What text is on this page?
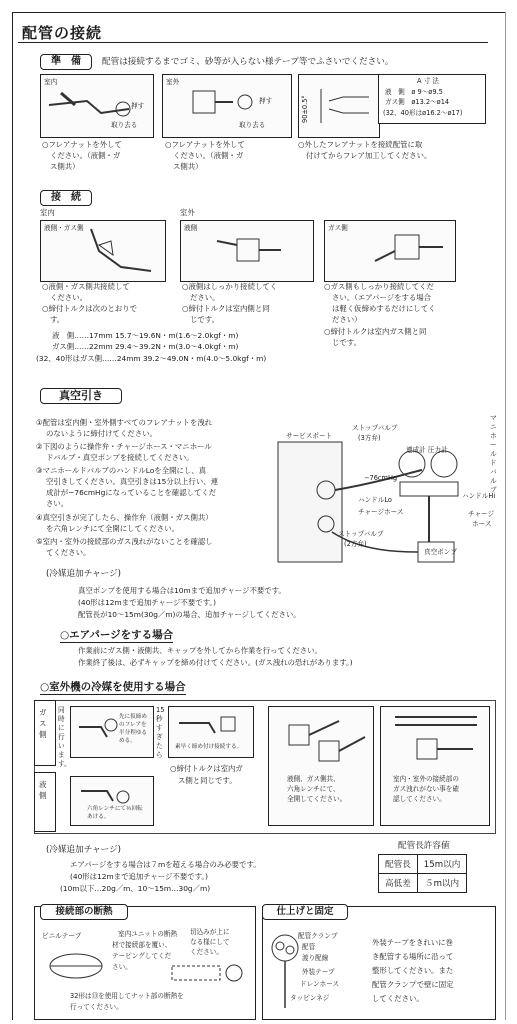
配管の接続
準　備	配管は接続するまでゴミ、砂等が入らない様テープ等でふさいでください。
室内
押す
取り去る
室外
押す
取り去る
90±0.5°
A 寸 法
液　側　ø 9〜ø9.5
ガス側　ø13.2〜ø14
(32、40形はø16.2〜ø17)
○フレアナットを外して
ください。（液側・ガ
ス側共）
○フレアナットを外して
ください。（液側・ガ
ス側共）
○外したフレアナットを接続配管に取
付けてからフレア加工してください。
接　続
室内	室外
液側・ガス側	液側	ガス側
○液側・ガス側共接続して
ください。
○締付トルクは次のとおりで
す。
○液側はしっかり接続してく
ださい。
○締付トルクは室内側と同
じです。
○ガス側もしっかり接続してくだ
さい。（エアパージをする場合
は軽く仮締めするだけにしてく
ださい）
○締付トルクは室内ガス側と同
じです。
液　側……17mm 15.7〜19.6N・m(1.6〜2.0kgf・m)
ガス側……22mm 29.4〜39.2N・m(3.0〜4.0kgf・m)
(32、40形はガス側……24mm 39.2〜49.0N・m(4.0〜5.0kgf・m)
真空引き
①配管は室内側・室外側すべてのフレアナットを洩れ
のないように締付けてください。
②下図のように操作弁・チャージホース・マニホール
ドバルブ・真空ポンプを接続してください。
③マニホールドバルブのハンドルLoを全開にし、真
空引きしてください。真空引きは15分以上行い、連
成計が−76cmHgになっていることを確認してくだ
さい。
④真空引きが完了したら、操作弁（液側・ガス側共）
を六角レンチにて全開にしてください。
⑤室内・室外の接続部のガス洩れがないことを確認し
てください。
サービスポート
ストップバルブ
(3方弁)
連成計 圧力計
−76cmHg
ハンドルLo	ハンドルHi
チャージホース	チャージ
ホース
ストップバルブ
(2方弁)
真空ポンプ
マニホールドバルブ
(冷媒追加チャージ)
真空ポンプを使用する場合は10mまで追加チャージ不要です。
(40形は12mまで追加チャージ不要です。)
配管長が10〜15m(30g／m)の場合、追加チャージしてください。
○エアパージをする場合
作業前にガス側・液側共、キャップを外してから作業を行ってください。
作業終了後は、必ずキャップを締め付けてください。(ガス洩れの恐れがあります。)
○室外機の冷媒を使用する場合
ガス側
液　側
同時に行います。
15秒すぎたら
先に仮締めのフレアを半分程ゆるめる。
素早く締め付け接続する。
六角レンチにて½回転あける。
○締付トルクは室内ガ
ス側と同じです。	液側、ガス側共、
六角レンチにて、
全開してください。
室内・室外の接続部の
ガス洩れがない事を確
認してください。
(冷媒追加チャージ)
エアパージをする場合は７mを超える場合のみ必要です。
(40形は12mまで追加チャージ不要です。)
(10m以下…20g／m、10〜15m…30g／m)
配管長許容値
配管長	15m以内
高低差	５m以内
接続部の断熱
ビニルテープ	室内ユニットの断熱
材で接続部を覆い、
テーピングしてくだ
さい。
切込みが上に
なる様にして
ください。
32形は⑬を使用してナット部の断熱を
行ってください。
仕上げと固定
配管クランプ
配管
渡り配線
外装テープ
ドレンホース
タッピンネジ
外装テープをきれいに巻
き配管する場所に沿って
整形してください。また
配管クランプで壁に固定
してください。
